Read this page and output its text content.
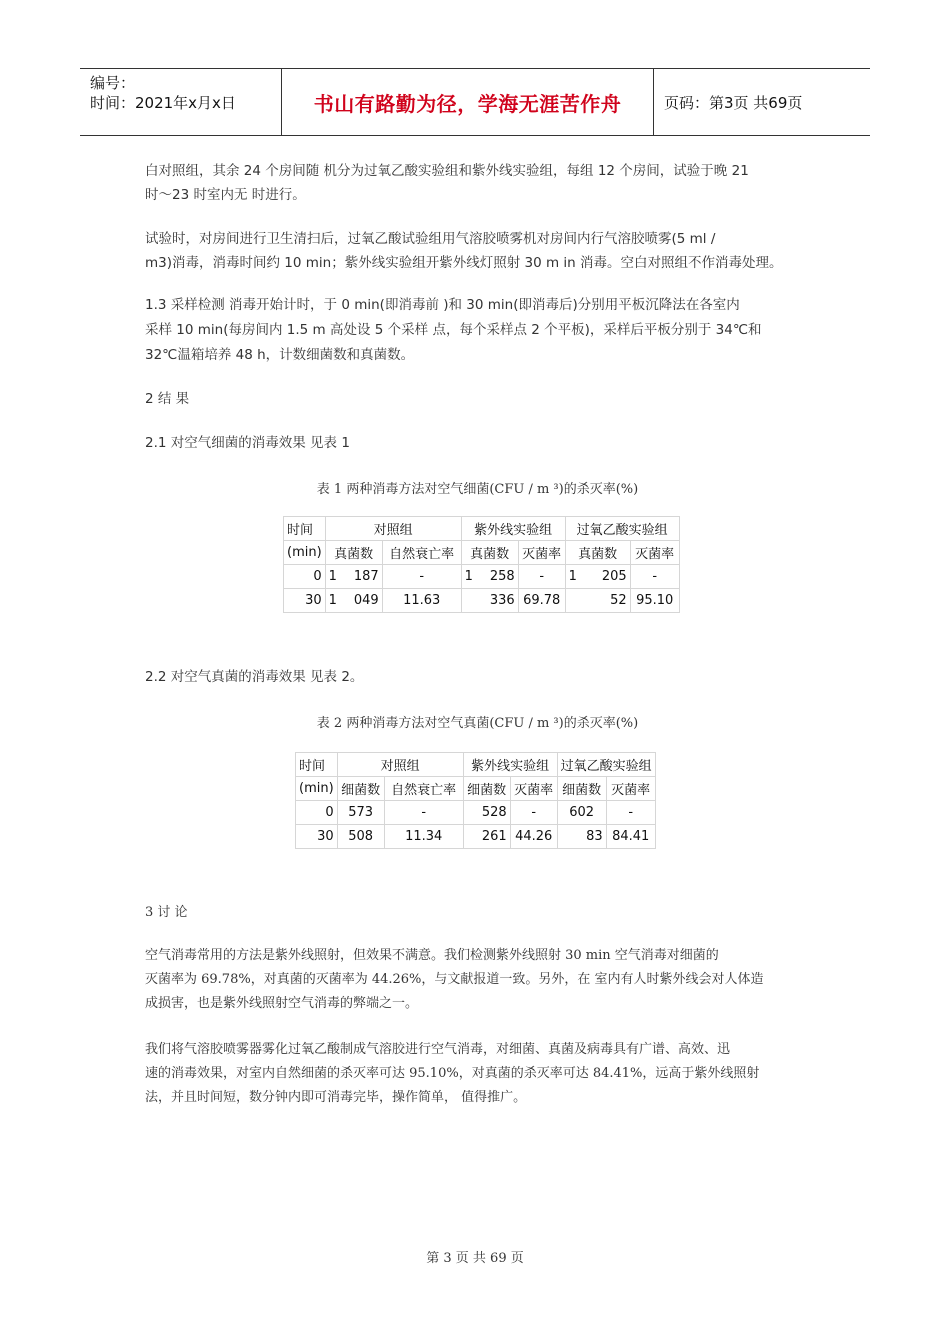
编号：
时间：2021年x月x日	书山有路勤为径，学海无涯苦作舟	页码：第3页 共69页

白对照组，其余 24 个房间随 机分为过氧乙酸实验组和紫外线实验组，每组 12 个房间，试验于晚 21

时～23 时室内无 时进行。

试验时，对房间进行卫生清扫后，过氧乙酸试验组用气溶胶喷雾机对房间内行气溶胶喷雾(5 ml /

m3)消毒，消毒时间约 10 min；紫外线实验组开紫外线灯照射 30 m in 消毒。空白对照组不作消毒处理。

1.3 采样检测 消毒开始计时，于 0 min(即消毒前 )和 30 min(即消毒后)分别用平板沉降法在各室内

采样 10 min(每房间内 1.5 m 高处设 5 个采样 点，每个采样点 2 个平板)，采样后平板分别于 34℃和

32℃温箱培养 48 h，计数细菌数和真菌数。

2 结 果

2.1 对空气细菌的消毒效果 见表 1

表 1 两种消毒方法对空气细菌(CFU / m ³)的杀灭率(%)
时间	对照组			紫外线实验组			过氧乙酸实验组		
(min)	真菌数		自然衰亡率	真菌数		灭菌率	真菌数		灭菌率
0	1	187	-	1	258	-	1	205	-
30	1	049	11.63		336	69.78		52	95.10

2.2 对空气真菌的消毒效果 见表 2。

表 2 两种消毒方法对空气真菌(CFU / m ³)的杀灭率(%)
时间	对照组		紫外线实验组		过氧乙酸实验组	
(min)	细菌数	自然衰亡率	细菌数	灭菌率	细菌数	灭菌率
0	573	-	528	-	602	-
30	508	11.34	261	44.26	83	84.41

3 讨 论

空气消毒常用的方法是紫外线照射，但效果不满意。我们检测紫外线照射 30 min 空气消毒对细菌的

灭菌率为 69.78%，对真菌的灭菌率为 44.26%，与文献报道一致。另外，在 室内有人时紫外线会对人体造

成损害，也是紫外线照射空气消毒的弊端之一。

我们将气溶胶喷雾器雾化过氧乙酸制成气溶胶进行空气消毒，对细菌、真菌及病毒具有广谱、高效、迅

速的消毒效果，对室内自然细菌的杀灭率可达 95.10%，对真菌的杀灭率可达 84.41%，远高于紫外线照射

法，并且时间短，数分钟内即可消毒完毕，操作简单， 值得推广。

第 3 页 共 69 页
